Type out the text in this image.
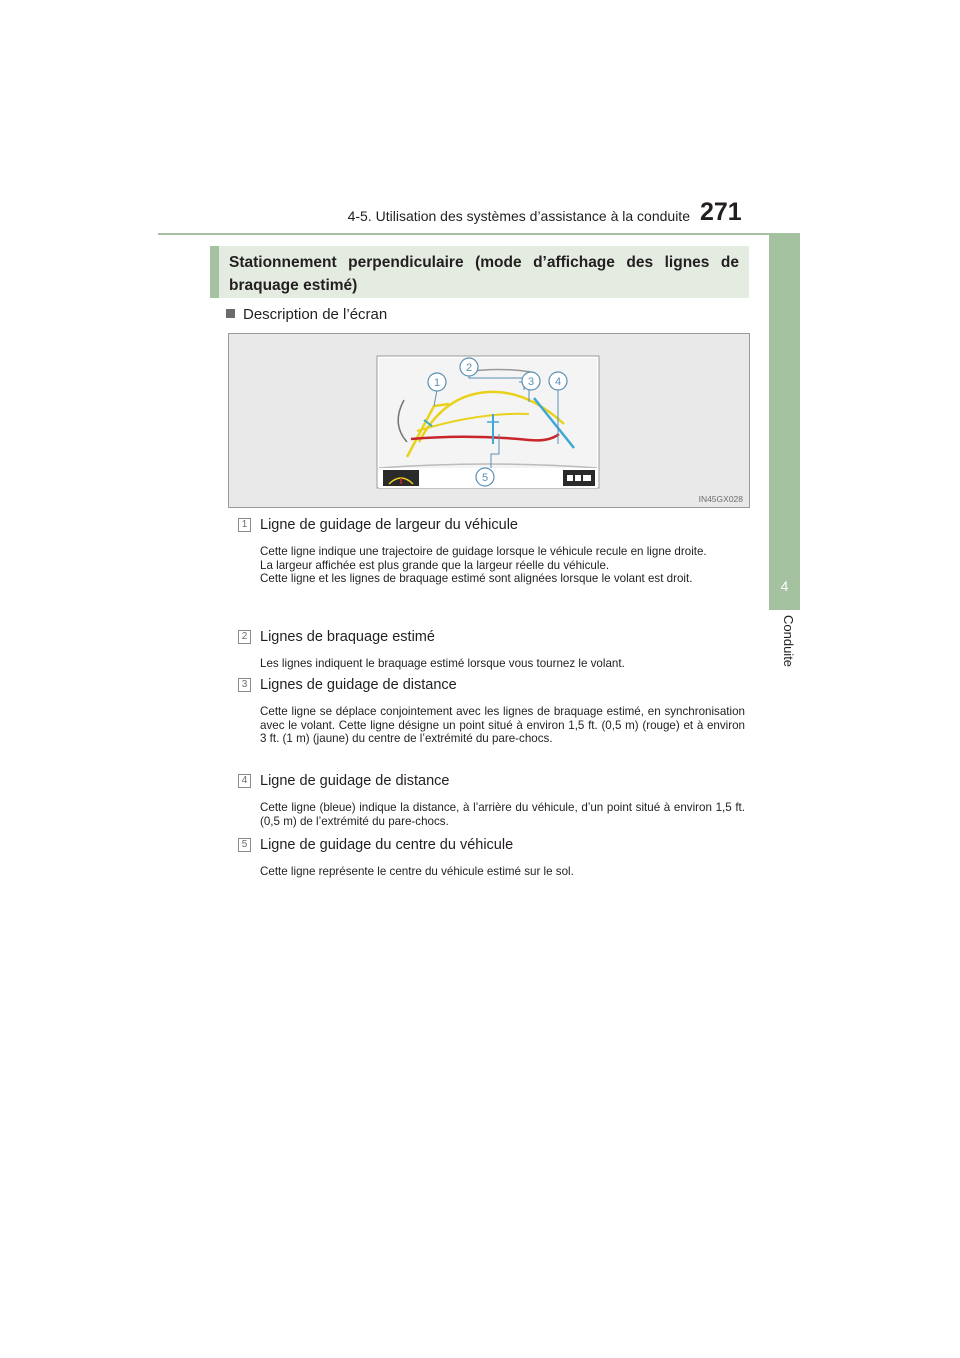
4-5. Utilisation des systèmes d’assistance à la conduite 271
4
Conduite
Stationnement perpendiculaire (mode d’affichage des lignes de braquage estimé)
Description de l’écran
1
2
3 4
5
IN45GX028
1 Ligne de guidage de largeur du véhicule
Cette ligne indique une trajectoire de guidage lorsque le véhicule recule en ligne droite.
La largeur affichée est plus grande que la largeur réelle du véhicule.
Cette ligne et les lignes de braquage estimé sont alignées lorsque le volant est droit.
2 Lignes de braquage estimé
Les lignes indiquent le braquage estimé lorsque vous tournez le volant.
3 Lignes de guidage de distance
Cette ligne se déplace conjointement avec les lignes de braquage estimé, en synchronisation avec le volant. Cette ligne désigne un point situé à environ 1,5 ft. (0,5 m) (rouge) et à environ 3 ft. (1 m) (jaune) du centre de l’extrémité du pare-chocs.
4 Ligne de guidage de distance
Cette ligne (bleue) indique la distance, à l’arrière du véhicule, d’un point situé à environ 1,5 ft. (0,5 m) de l’extrémité du pare-chocs.
5 Ligne de guidage du centre du véhicule
Cette ligne représente le centre du véhicule estimé sur le sol.
